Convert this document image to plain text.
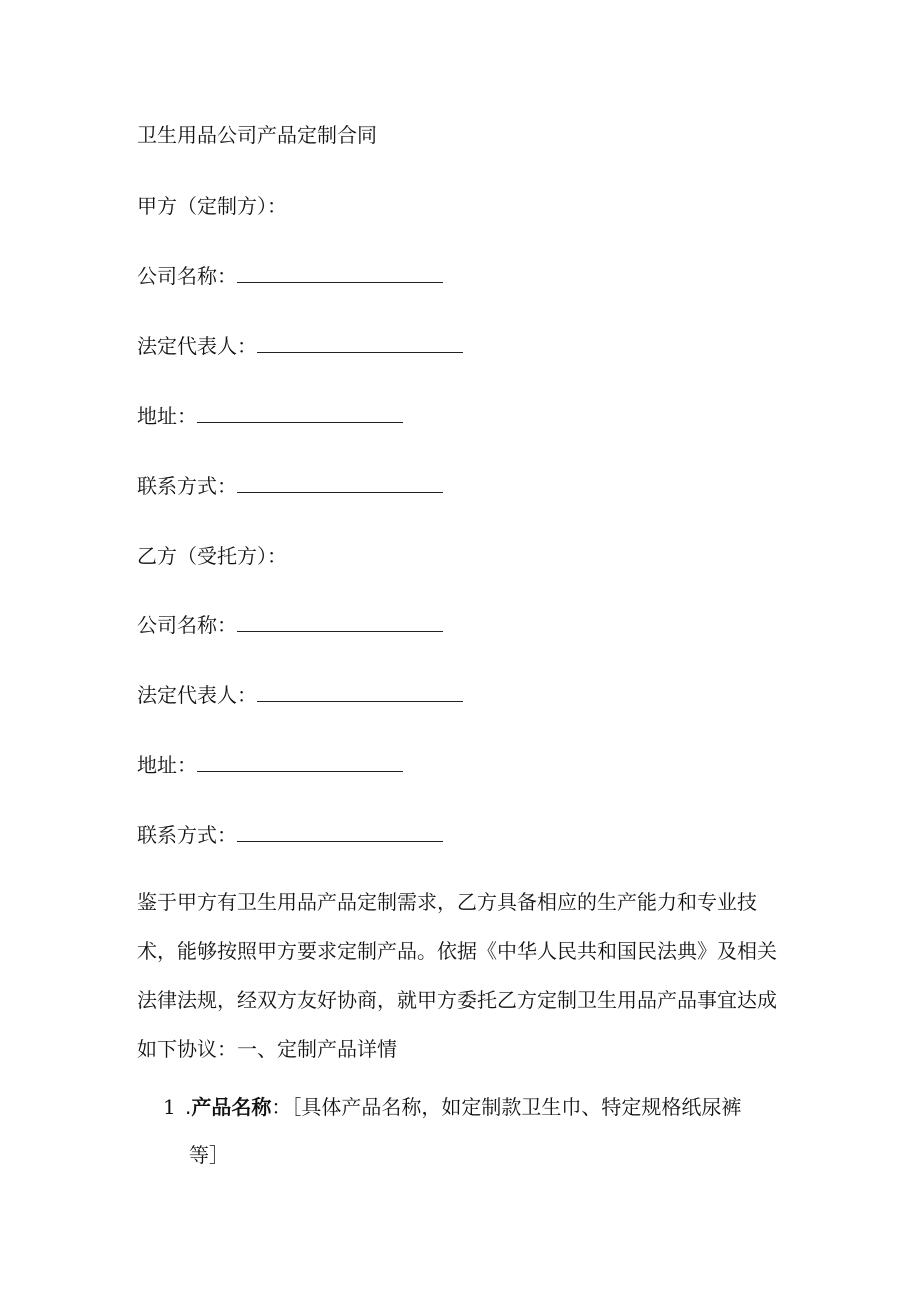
卫生用品公司产品定制合同
甲方（定制方）：
公司名称：
法定代表人：
地址：
联系方式：
乙方（受托方）：
公司名称：
法定代表人：
地址：
联系方式：
鉴于甲方有卫生用品产品定制需求，乙方具备相应的生产能力和专业技
术，能够按照甲方要求定制产品。依据《中华人民共和国民法典》及相关
法律法规，经双方友好协商，就甲方委托乙方定制卫生用品产品事宜达成
如下协议：一、定制产品详情
1 .产品名称：［具体产品名称，如定制款卫生巾、特定规格纸尿裤
等］
